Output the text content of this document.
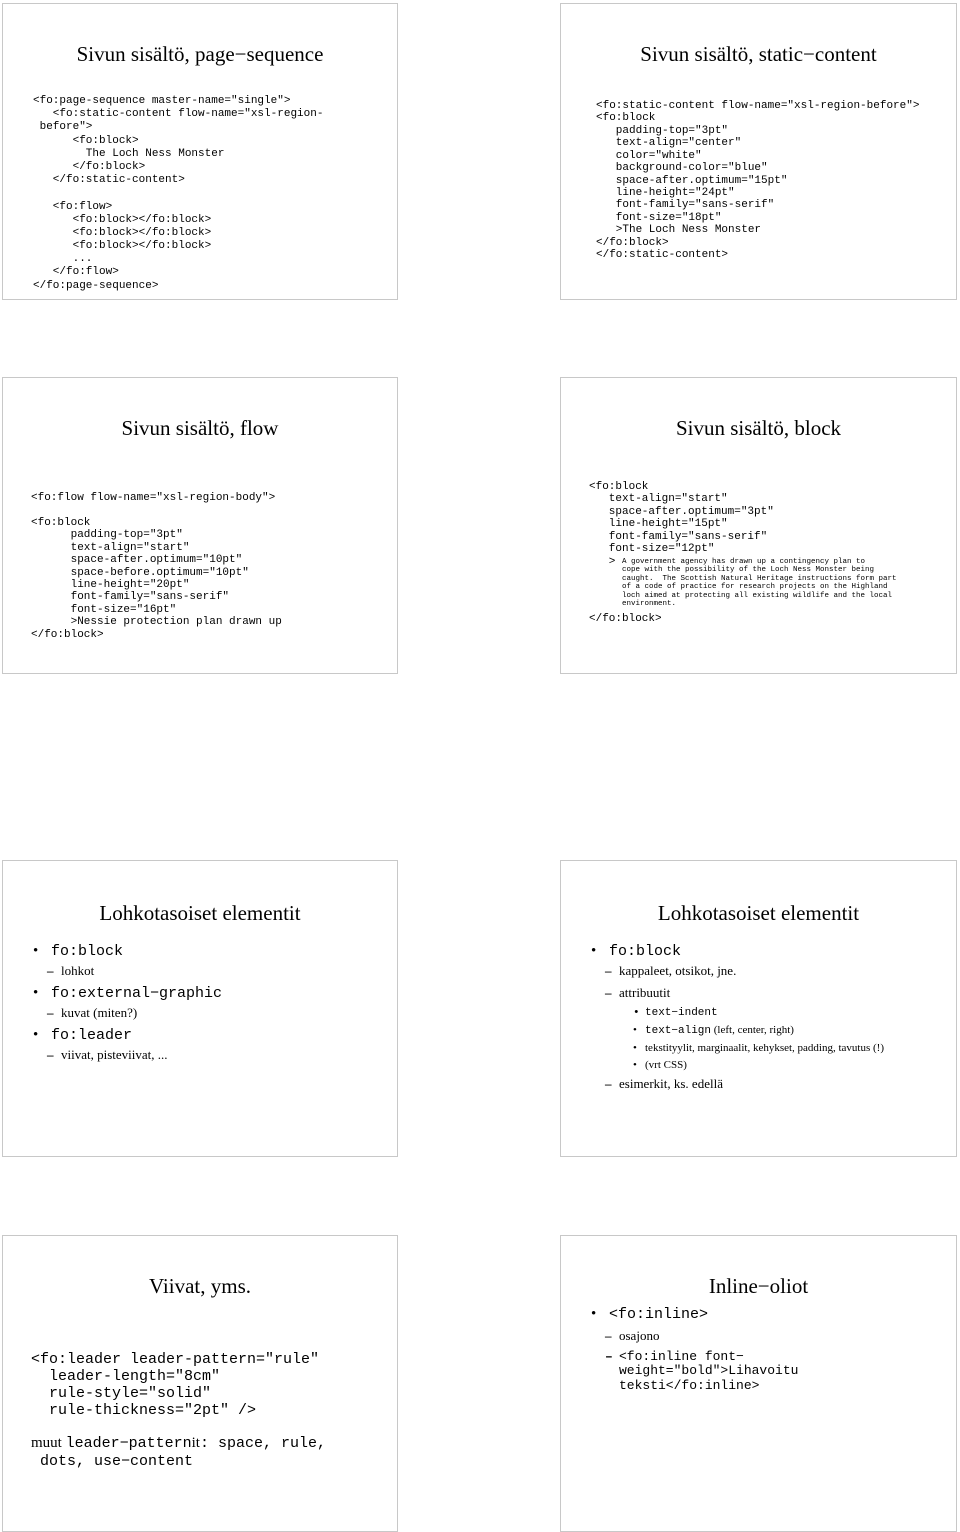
Sivun sisältö, page−sequence
<fo:page-sequence master-name="single">
<fo:static-content flow-name="xsl-region-
before">
<fo:block>
The Loch Ness Monster
</fo:block>
</fo:static-content>

<fo:flow>
<fo:block></fo:block>
<fo:block></fo:block>
<fo:block></fo:block>
...
</fo:flow>
</fo:page-sequence>
Sivun sisältö, static−content
<fo:static-content flow-name="xsl-region-before">
<fo:block
padding-top="3pt"
text-align="center"
color="white"
background-color="blue"
space-after.optimum="15pt"
line-height="24pt"
font-family="sans-serif"
font-size="18pt"
>The Loch Ness Monster
</fo:block>
</fo:static-content>
Sivun sisältö, flow
<fo:flow flow-name="xsl-region-body">

<fo:block
padding-top="3pt"
text-align="start"
space-after.optimum="10pt"
space-before.optimum="10pt"
line-height="20pt"
font-family="sans-serif"
font-size="16pt"
>Nessie protection plan drawn up
</fo:block>
Sivun sisältö, block
<fo:block
text-align="start"
space-after.optimum="3pt"
line-height="15pt"
font-family="sans-serif"
font-size="12pt"
> A government agency has drawn up a contingency plan to
cope with the possibility of the Loch Ness Monster being
caught.  The Scottish Natural Heritage instructions form part
of a code of practice for research projects on the Highland
loch aimed at protecting all existing wildlife and the local
environment.
</fo:block>
Lohkotasoiset elementit
• fo:block
– lohkot
• fo:external−graphic
– kuvat (miten?)
• fo:leader
– viivat, pisteviivat, ...
Lohkotasoiset elementit
• fo:block
– kappaleet, otsikot, jne.
– attribuutit
• text−indent
• text−align (left, center, right)
• tekstityylit, marginaalit, kehykset, padding, tavutus (!)
• (vrt CSS)
– esimerkit, ks. edellä
Viivat, yms.
<fo:leader leader-pattern="rule"
leader-length="8cm"
rule-style="solid"
rule-thickness="2pt" />
muut leader−patternit: space, rule,
dots, use−content
Inline−oliot
• <fo:inline>
– osajono
– <fo:inline font−
weight="bold">Lihavoitu
teksti</fo:inline>
